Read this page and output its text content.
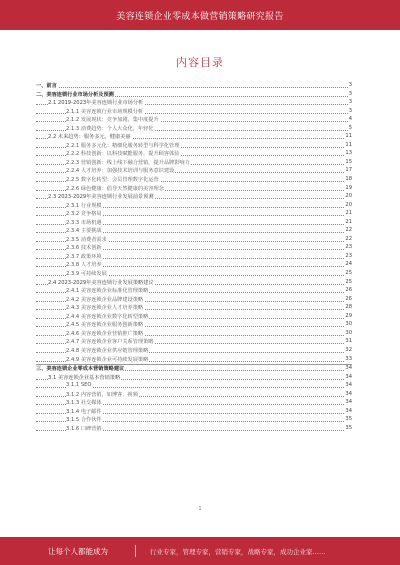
美容连锁企业零成本做营销策略研究报告
内容目录
一、前言	3
二、美容连锁行业市场分析及预测	3
2.1 2019-2023年美容连锁行业市场分析	3
2.1.1 美容连锁行业市场规模分析	3
2.1.2 发展现状：竞争加剧，集中度提升	4
2.1.3 消费趋势：个人大众化，年轻化	5
2.2 未来趋势：服务多元，健康美丽	11
2.2.1 服务多元化：精细化服务转型与科学化管理	11
2.2.2 科技创新：以科技赋能服务，提升顾客体验	13
2.2.3 营销创新：线上线下融合营销，提升品牌影响力	15
2.2.4 人才培养：加强技术培训与服务意识建设	17
2.2.5 数字化转型：会员管理数字化运营	18
2.2.6 绿色健康：倡导天然健康的美容理念	19
2.3 2023-2029年美容连锁行业发展前景预测	20
2.3.1 行业规模	20
2.3.2 竞争格局	21
2.3.3 市场机遇	21
2.3.4 主要挑战	22
2.3.5 消费者需求	22
2.3.6 技术创新	23
2.3.7 政策环境	23
2.3.8 人才培养	24
2.3.9 可持续发展	25
2.4 2023-2029年美容连锁行业发展策略建议	25
2.4.1 美容连锁企业标准化管理策略	26
2.4.2 美容连锁企业品牌建设策略	26
2.4.3 美容连锁企业人才培养策略	28
2.4.4 美容连锁企业数字化转型策略	29
2.4.5 美容连锁企业服务创新策略	30
2.4.6 美容连锁企业营销推广策略	30
2.4.7 美容连锁企业客户关系管理策略	31
2.4.8 美容连锁企业供应链管理策略	32
2.4.9 美容连锁企业可持续发展策略	33
三、美容连锁企业零成本营销策略建议	34
3.1 美容连锁企业基本营销策略	34
3.1.1 SEO	34
3.1.2 内容营销，如博客、视频	34
3.1.3 社交媒体	34
3.1.4 电子邮件	34
3.1.5 合作伙伴	35
3.1.6 口碑营销	35
1
让每个人都能成为	行业专家，管理专家，营销专家，战略专家，成功企业家……
